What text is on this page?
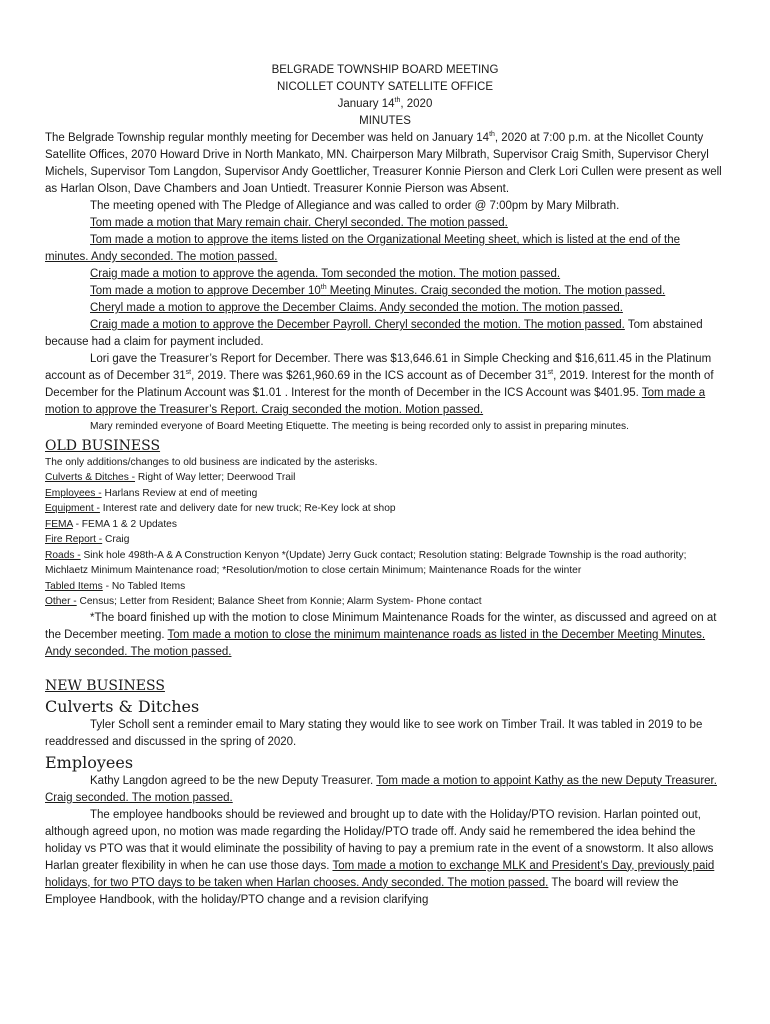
BELGRADE TOWNSHIP BOARD MEETING
NICOLLET COUNTY SATELLITE OFFICE
January 14th, 2020
MINUTES

The Belgrade Township regular monthly meeting for December was held on January 14th, 2020 at 7:00 p.m. at the Nicollet County Satellite Offices, 2070 Howard Drive in North Mankato, MN. Chairperson Mary Milbrath, Supervisor Craig Smith, Supervisor Cheryl Michels, Supervisor Tom Langdon, Supervisor Andy Goettlicher, Treasurer Konnie Pierson and Clerk Lori Cullen were present as well as Harlan Olson, Dave Chambers and Joan Untiedt. Treasurer Konnie Pierson was Absent.

The meeting opened with The Pledge of Allegiance and was called to order @ 7:00pm by Mary Milbrath.

Tom made a motion that Mary remain chair. Cheryl seconded. The motion passed.

Tom made a motion to approve the items listed on the Organizational Meeting sheet, which is listed at the end of the minutes. Andy seconded. The motion passed.

Craig made a motion to approve the agenda. Tom seconded the motion. The motion passed.

Tom made a motion to approve December 10th Meeting Minutes. Craig seconded the motion. The motion passed.

Cheryl made a motion to approve the December Claims. Andy seconded the motion. The motion passed.

Craig made a motion to approve the December Payroll. Cheryl seconded the motion. The motion passed. Tom abstained because had a claim for payment included.

Lori gave the Treasurer’s Report for December. There was $13,646.61 in Simple Checking and $16,611.45 in the Platinum account as of December 31st, 2019. There was $261,960.69 in the ICS account as of December 31st, 2019. Interest for the month of December for the Platinum Account was $1.01 . Interest for the month of December in the ICS Account was $401.95. Tom made a motion to approve the Treasurer’s Report. Craig seconded the motion. Motion passed.

Mary reminded everyone of Board Meeting Etiquette. The meeting is being recorded only to assist in preparing minutes.

OLD BUSINESS

The only additions/changes to old business are indicated by the asterisks.

Culverts & Ditches - Right of Way letter; Deerwood Trail

Employees - Harlans Review at end of meeting

Equipment - Interest rate and delivery date for new truck; Re-Key lock at shop

FEMA - FEMA 1 & 2 Updates

Fire Report - Craig

Roads - Sink hole 498th-A & A Construction Kenyon *(Update) Jerry Guck contact; Resolution stating: Belgrade Township is the road authority; Michlaetz Minimum Maintenance road; *Resolution/motion to close certain Minimum; Maintenance Roads for the winter

Tabled Items - No Tabled Items

Other - Census; Letter from Resident; Balance Sheet from Konnie; Alarm System- Phone contact

*The board finished up with the motion to close Minimum Maintenance Roads for the winter, as discussed and agreed on at the December meeting. Tom made a motion to close the minimum maintenance roads as listed in the December Meeting Minutes. Andy seconded. The motion passed.

NEW BUSINESS
Culverts & Ditches

Tyler Scholl sent a reminder email to Mary stating they would like to see work on Timber Trail. It was tabled in 2019 to be readdressed and discussed in the spring of 2020.

Employees

Kathy Langdon agreed to be the new Deputy Treasurer. Tom made a motion to appoint Kathy as the new Deputy Treasurer. Craig seconded. The motion passed.

The employee handbooks should be reviewed and brought up to date with the Holiday/PTO revision. Harlan pointed out, although agreed upon, no motion was made regarding the Holiday/PTO trade off. Andy said he remembered the idea behind the holiday vs PTO was that it would eliminate the possibility of having to pay a premium rate in the event of a snowstorm. It also allows Harlan greater flexibility in when he can use those days. Tom made a motion to exchange MLK and President’s Day, previously paid holidays, for two PTO days to be taken when Harlan chooses. Andy seconded. The motion passed. The board will review the Employee Handbook, with the holiday/PTO change and a revision clarifying
